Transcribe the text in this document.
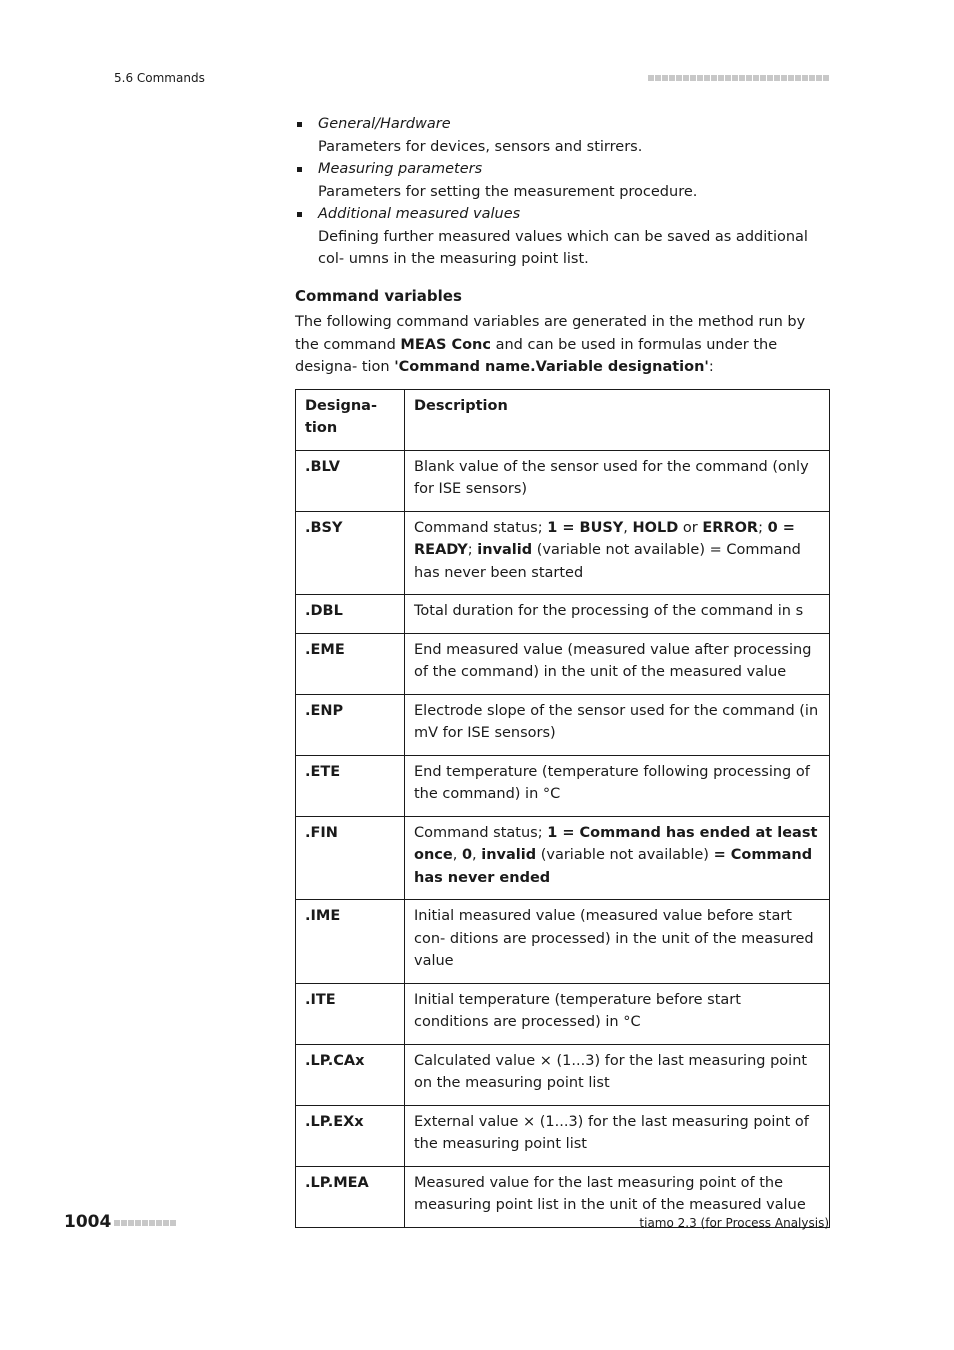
5.6 Commands
General/Hardware
Parameters for devices, sensors and stirrers.
Measuring parameters
Parameters for setting the measurement procedure.
Additional measured values
Defining further measured values which can be saved as additional col- umns in the measuring point list.
Command variables

The following command variables are generated in the method run by the command MEAS Conc and can be used in formulas under the designa- tion 'Command name.Variable designation':

Designa- tion	Description
.BLV	Blank value of the sensor used for the command (only for ISE sensors)
.BSY	Command status; 1 = BUSY, HOLD or ERROR; 0 = READY; invalid (variable not available) = Command has never been started
.DBL	Total duration for the processing of the command in s
.EME	End measured value (measured value after processing of the command) in the unit of the measured value
.ENP	Electrode slope of the sensor used for the command (in mV for ISE sensors)
.ETE	End temperature (temperature following processing of the command) in °C
.FIN	Command status; 1 = Command has ended at least once, 0, invalid (variable not available) = Command has never ended
.IME	Initial measured value (measured value before start con- ditions are processed) in the unit of the measured value
.ITE	Initial temperature (temperature before start conditions are processed) in °C
.LP.CAx	Calculated value × (1...3) for the last measuring point on the measuring point list
.LP.EXx	External value × (1...3) for the last measuring point of the measuring point list
.LP.MEA	Measured value for the last measuring point of the measuring point list in the unit of the measured value
1004	tiamo 2.3 (for Process Analysis)
